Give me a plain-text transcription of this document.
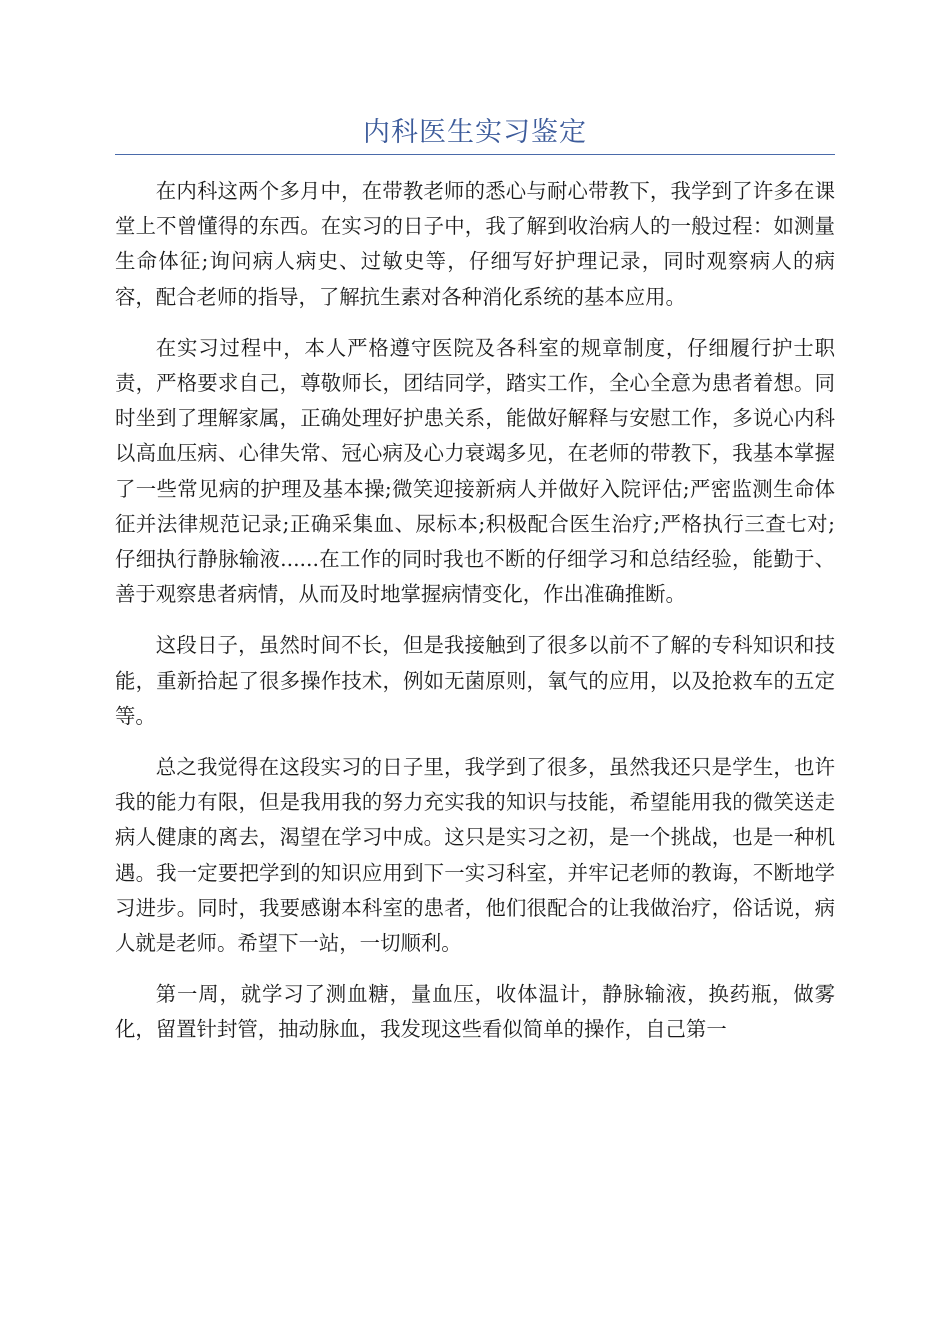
内科医生实习鉴定

在内科这两个多月中，在带教老师的悉心与耐心带教下，我学到了许多在课堂上不曾懂得的东西。在实习的日子中，我了解到收治病人的一般过程：如测量生命体征;询问病人病史、过敏史等，仔细写好护理记录，同时观察病人的病容，配合老师的指导，了解抗生素对各种消化系统的基本应用。

在实习过程中，本人严格遵守医院及各科室的规章制度，仔细履行护士职责，严格要求自己，尊敬师长，团结同学，踏实工作，全心全意为患者着想。同时坐到了理解家属，正确处理好护患关系，能做好解释与安慰工作，多说心内科以高血压病、心律失常、冠心病及心力衰竭多见，在老师的带教下，我基本掌握了一些常见病的护理及基本操;微笑迎接新病人并做好入院评估;严密监测生命体征并法律规范记录;正确采集血、尿标本;积极配合医生治疗;严格执行三查七对;仔细执行静脉输液......在工作的同时我也不断的仔细学习和总结经验，能勤于、善于观察患者病情，从而及时地掌握病情变化，作出准确推断。

这段日子，虽然时间不长，但是我接触到了很多以前不了解的专科知识和技能，重新拾起了很多操作技术，例如无菌原则，氧气的应用，以及抢救车的五定等。

总之我觉得在这段实习的日子里，我学到了很多，虽然我还只是学生，也许我的能力有限，但是我用我的努力充实我的知识与技能，希望能用我的微笑送走病人健康的离去，渴望在学习中成。这只是实习之初，是一个挑战，也是一种机遇。我一定要把学到的知识应用到下一实习科室，并牢记老师的教诲，不断地学习进步。同时，我要感谢本科室的患者，他们很配合的让我做治疗，俗话说，病人就是老师。希望下一站，一切顺利。

第一周，就学习了测血糖，量血压，收体温计，静脉输液，换药瓶，做雾化，留置针封管，抽动脉血，我发现这些看似简单的操作，自己第一
